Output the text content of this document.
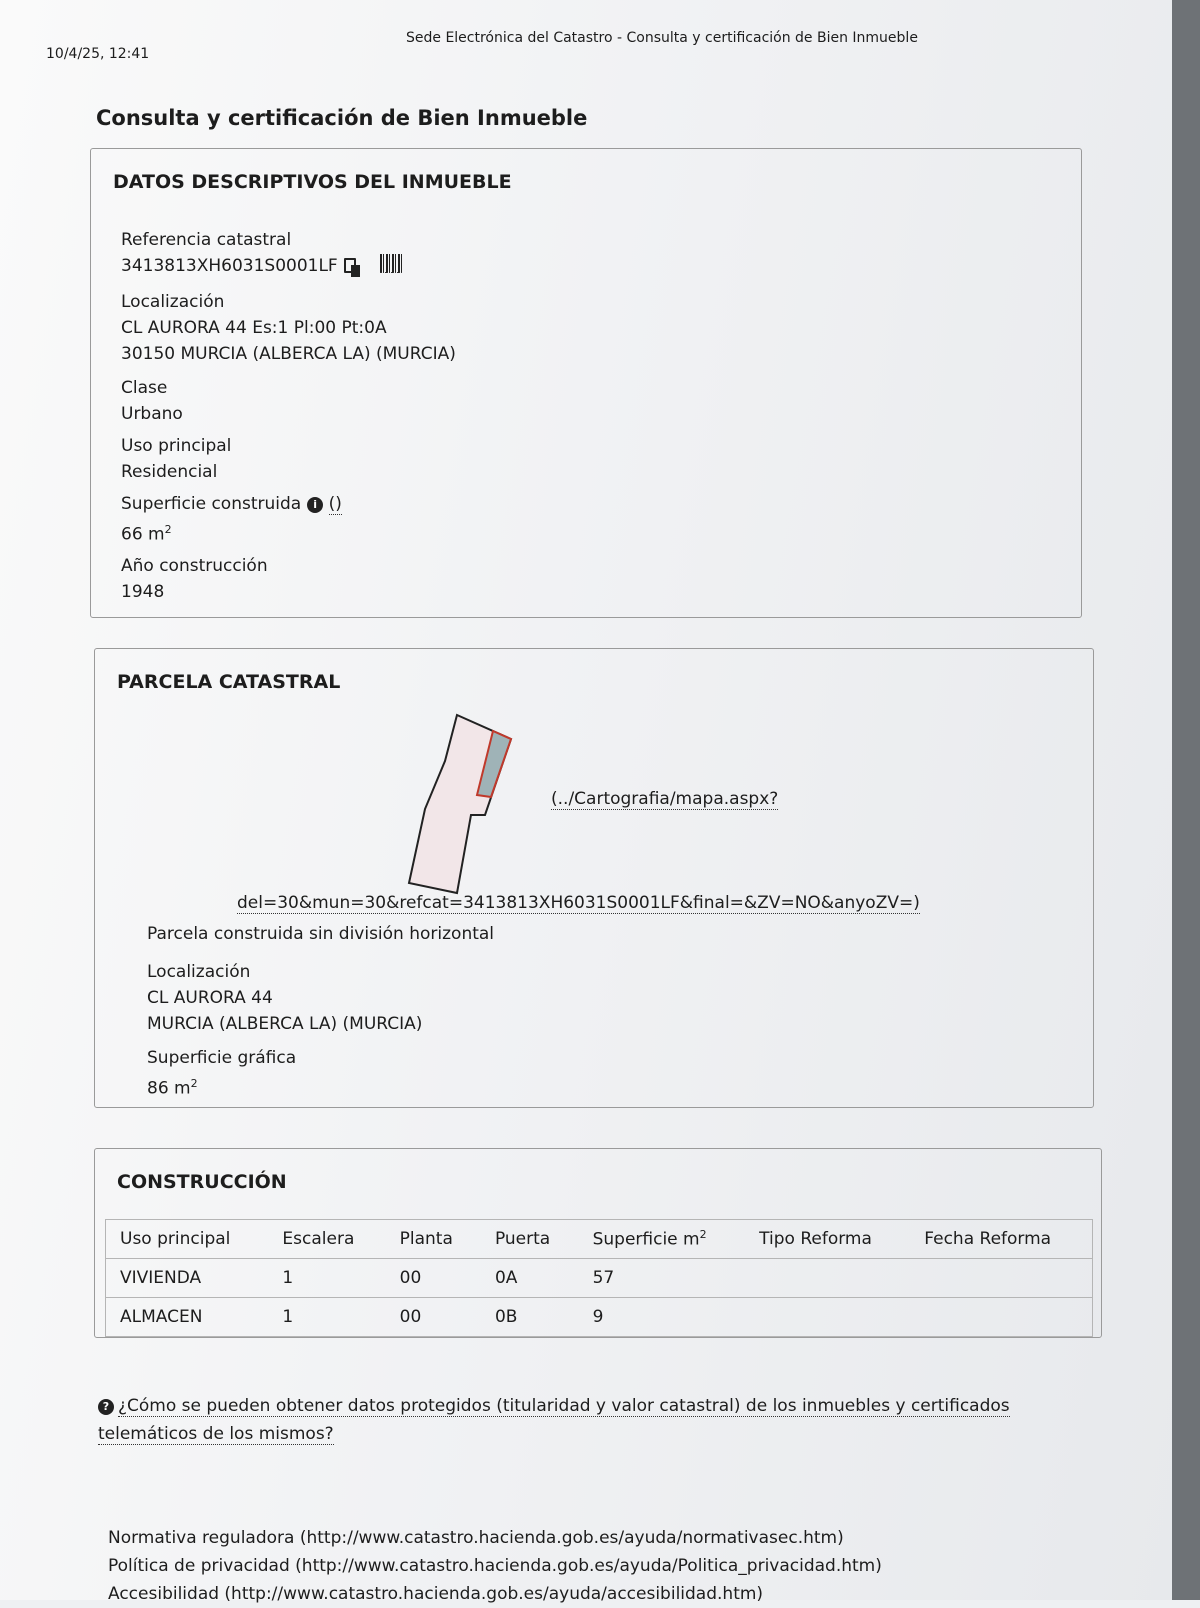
10/4/25, 12:41
Sede Electrónica del Catastro - Consulta y certificación de Bien Inmueble
Consulta y certificación de Bien Inmueble
DATOS DESCRIPTIVOS DEL INMUEBLE
Referencia catastral
3413813XH6031S0001LF
Localización
CL AURORA 44 Es:1 Pl:00 Pt:0A
30150 MURCIA (ALBERCA LA) (MURCIA)
Clase
Urbano
Uso principal
Residencial
Superficie construida i ()
66 $m^2$
Año construcción
1948
PARCELA CATASTRAL
(../Cartografia/mapa.aspx?
del=30&mun=30&refcat=3413813XH6031S0001LF&final=&ZV=NO&anyoZV=)
Parcela construida sin división horizontal
Localización
CL AURORA 44
MURCIA (ALBERCA LA) (MURCIA)
Superficie gráfica
86 $m^2$
CONSTRUCCIÓN
Uso principal	Escalera	Planta	Puerta	Superficie $m^2$	Tipo Reforma	Fecha Reforma
VIVIENDA	1	00	0A	57		
ALMACEN	1	00	0B	9		
? ¿Cómo se pueden obtener datos protegidos (titularidad y valor catastral) de los inmuebles y certificados telemáticos de los mismos?
Normativa reguladora (http://www.catastro.hacienda.gob.es/ayuda/normativasec.htm)
Política de privacidad (http://www.catastro.hacienda.gob.es/ayuda/Politica_privacidad.htm)
Accesibilidad (http://www.catastro.hacienda.gob.es/ayuda/accesibilidad.htm)
